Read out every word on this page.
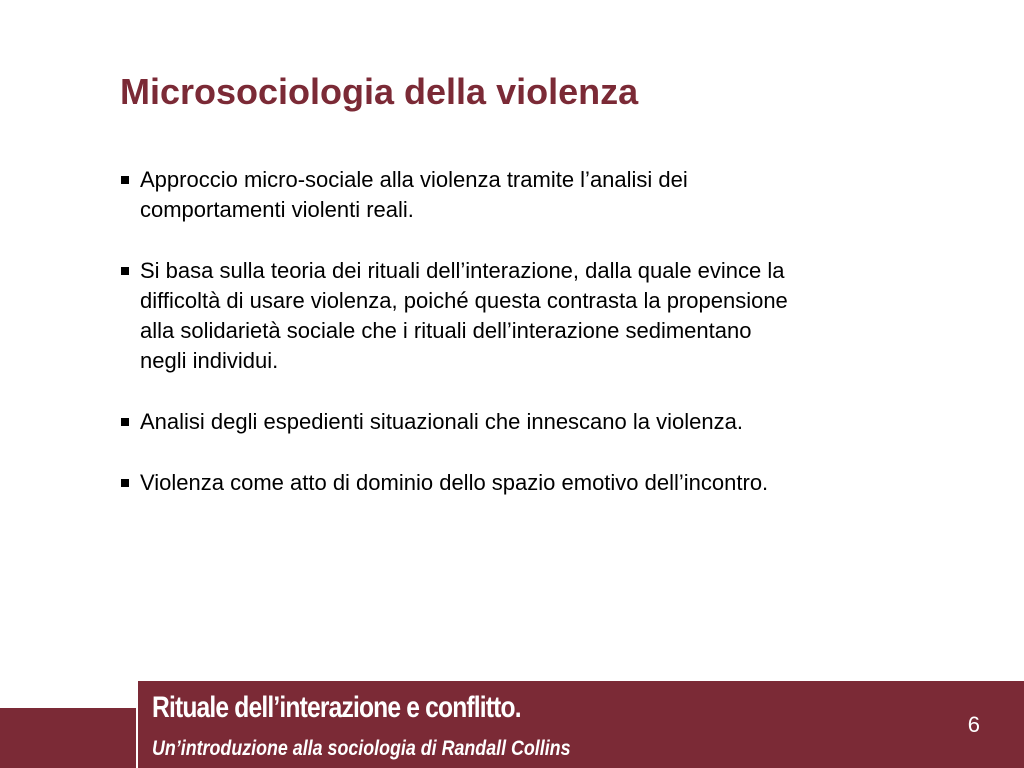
Microsociologia della violenza
Approccio micro-sociale alla violenza tramite l’analisi dei comportamenti violenti reali.
Si basa sulla teoria dei rituali dell’interazione, dalla quale evince la difficoltà di usare violenza, poiché questa contrasta la propensione alla solidarietà sociale che i rituali dell’interazione sedimentano negli individui.
Analisi degli espedienti situazionali che innescano la violenza.
Violenza come atto di dominio dello spazio emotivo dell’incontro.
Rituale dell’interazione e conflitto.
Un’introduzione alla sociologia di Randall Collins
6
